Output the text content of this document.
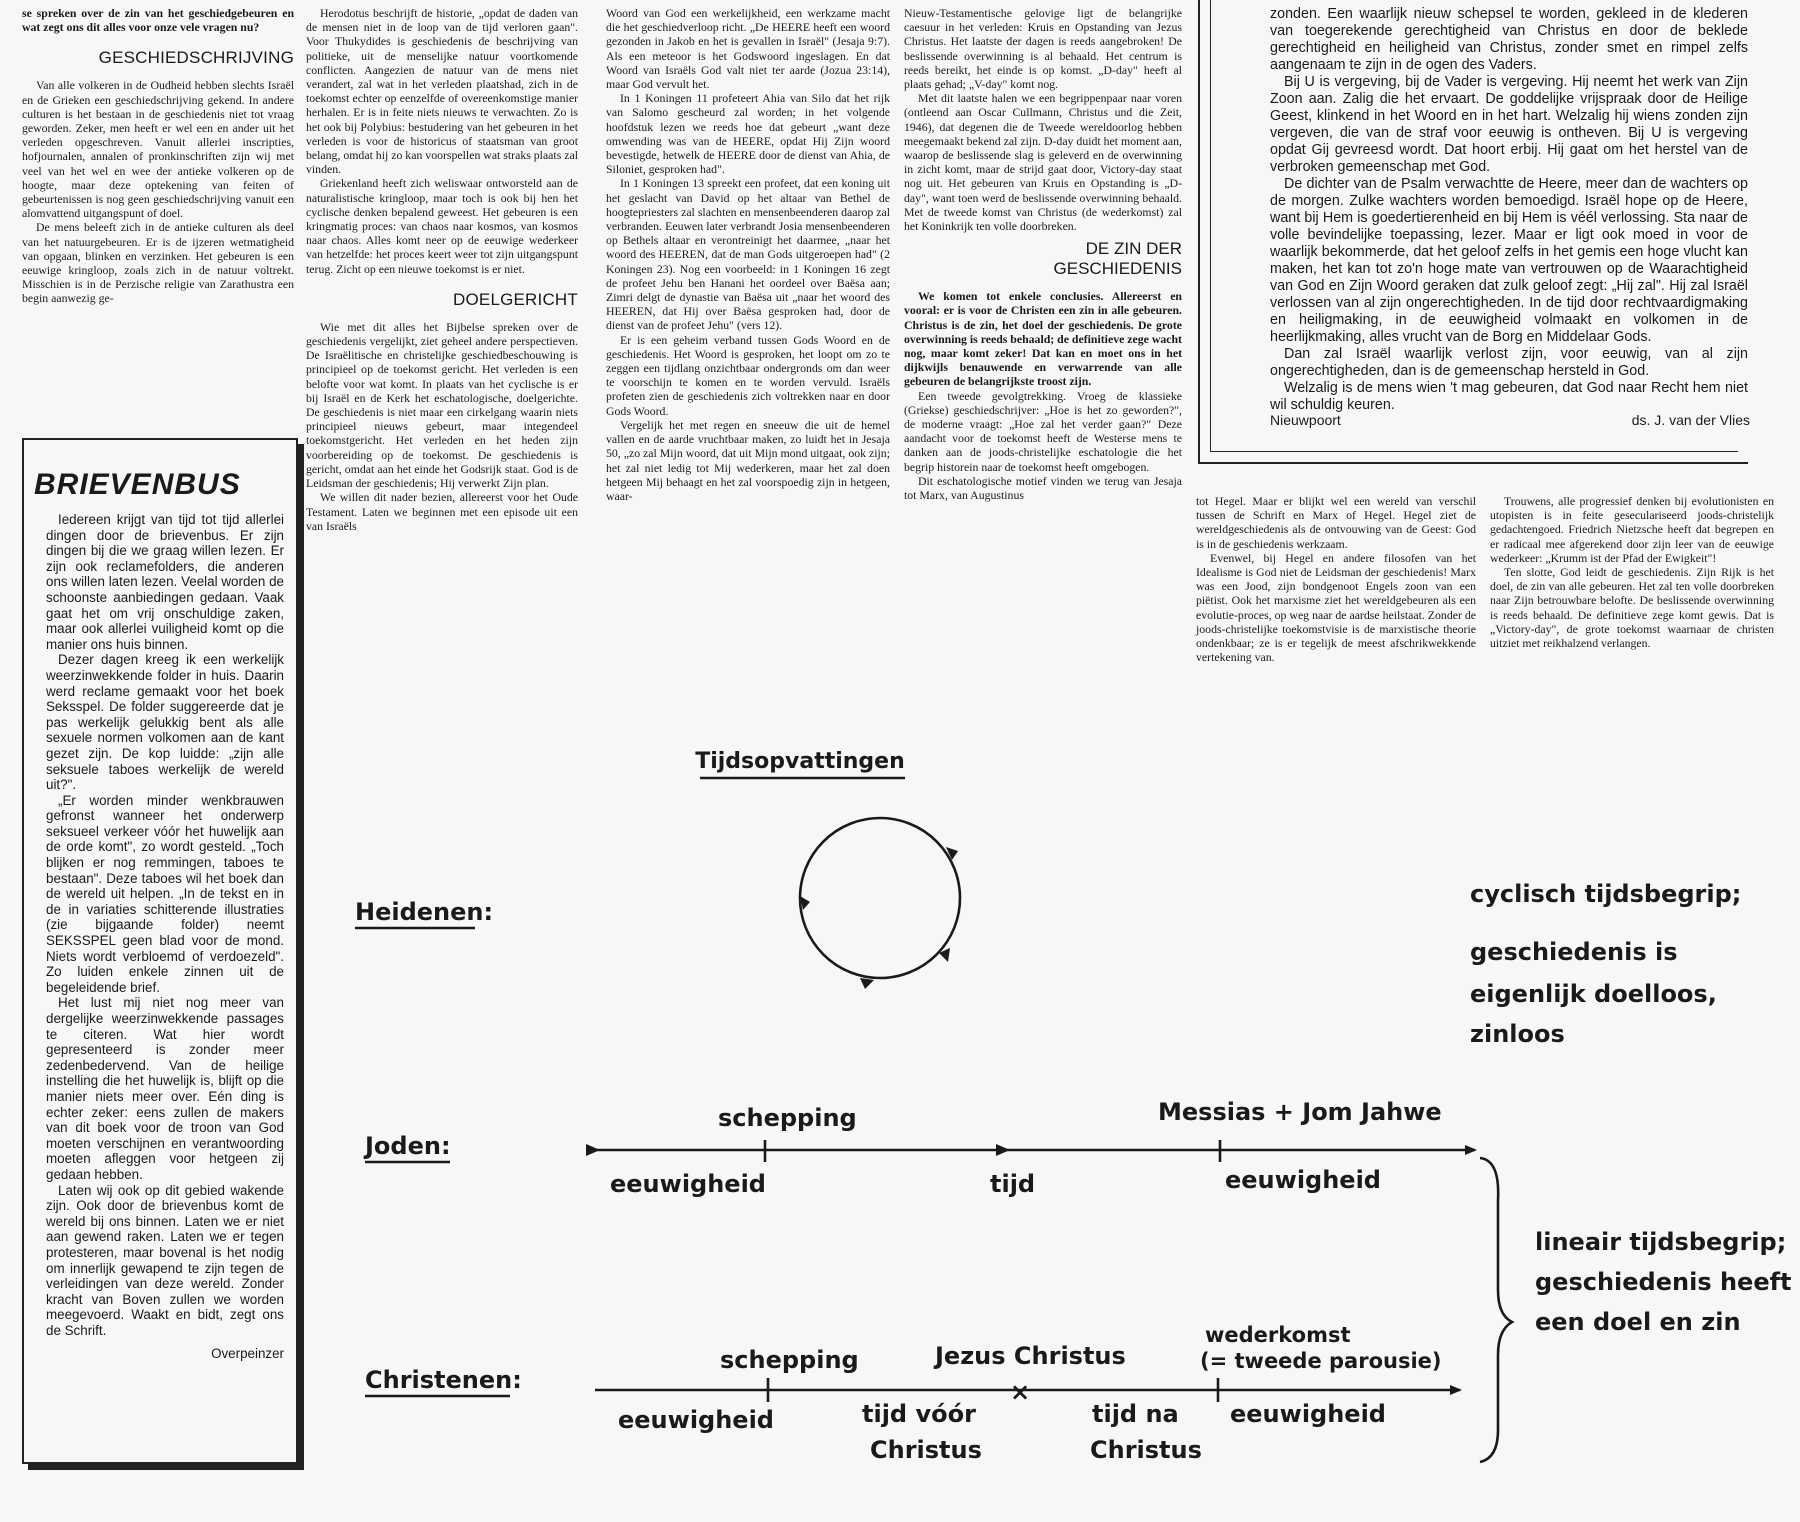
se spreken over de zin van het geschiedgebeuren en wat zegt ons dit alles voor onze vele vragen nu?

GESCHIEDSCHRIJVING

Van alle volkeren in de Oudheid hebben slechts Israël en de Grieken een geschiedschrijving gekend. In andere culturen is het bestaan in de geschiedenis niet tot vraag geworden. Zeker, men heeft er wel een en ander uit het verleden opgeschreven. Vanuit allerlei inscripties, hofjournalen, annalen of pronkinschriften zijn wij met veel van het wel en wee der antieke volkeren op de hoogte, maar deze optekening van feiten of gebeurtenissen is nog geen geschiedschrijving vanuit een alomvattend uitgangspunt of doel.

De mens beleeft zich in de antieke culturen als deel van het natuurgebeuren. Er is de ijzeren wetmatigheid van opgaan, blinken en verzinken. Het gebeuren is een eeuwige kringloop, zoals zich in de natuur voltrekt. Misschien is in de Perzische religie van Zarathustra een begin aanwezig ge-

Herodotus beschrijft de historie, „opdat de daden van de mensen niet in de loop van de tijd verloren gaan". Voor Thukydides is geschiedenis de beschrijving van politieke, uit de menselijke natuur voortkomende conflicten. Aangezien de natuur van de mens niet verandert, zal wat in het verleden plaatshad, zich in de toekomst echter op eenzelfde of overeenkomstige manier herhalen. Er is in feite niets nieuws te verwachten. Zo is het ook bij Polybius: bestudering van het gebeuren in het verleden is voor de historicus of staatsman van groot belang, omdat hij zo kan voorspellen wat straks plaats zal vinden.

Griekenland heeft zich weliswaar ontworsteld aan de naturalistische kringloop, maar toch is ook bij hen het cyclische denken bepalend geweest. Het gebeuren is een kringmatig proces: van chaos naar kosmos, van kosmos naar chaos. Alles komt neer op de eeuwige wederkeer van hetzelfde: het proces keert weer tot zijn uitgangspunt terug. Zicht op een nieuwe toekomst is er niet.

DOELGERICHT

Wie met dit alles het Bijbelse spreken over de geschiedenis vergelijkt, ziet geheel andere perspectieven. De Israëlitische en christelijke geschiedbeschouwing is principieel op de toekomst gericht. Het verleden is een belofte voor wat komt. In plaats van het cyclische is er bij Israël en de Kerk het eschatologische, doelgerichte. De geschiedenis is niet maar een cirkelgang waarin niets principieel nieuws gebeurt, maar integendeel toekomstgericht. Het verleden en het heden zijn voorbereiding op de toekomst. De geschiedenis is gericht, omdat aan het einde het Godsrijk staat. God is de Leidsman der geschiedenis; Hij verwerkt Zijn plan.

We willen dit nader bezien, allereerst voor het Oude Testament. Laten we beginnen met een episode uit een van Israëls

Woord van God een werkelijkheid, een werkzame macht die het geschiedverloop richt. „De HEERE heeft een woord gezonden in Jakob en het is gevallen in Israël" (Jesaja 9:7). Als een meteoor is het Godswoord ingeslagen. En dat Woord van Israëls God valt niet ter aarde (Jozua 23:14), maar God vervult het.

In 1 Koningen 11 profeteert Ahia van Silo dat het rijk van Salomo gescheurd zal worden; in het volgende hoofdstuk lezen we reeds hoe dat gebeurt „want deze omwending was van de HEERE, opdat Hij Zijn woord bevestigde, hetwelk de HEERE door de dienst van Ahia, de Siloniet, gesproken had".

In 1 Koningen 13 spreekt een profeet, dat een koning uit het geslacht van David op het altaar van Bethel de hoogtepriesters zal slachten en mensenbeenderen daarop zal verbranden. Eeuwen later verbrandt Josia mensenbeenderen op Bethels altaar en verontreinigt het daarmee, „naar het woord des HEEREN, dat de man Gods uitgeroepen had" (2 Koningen 23). Nog een voorbeeld: in 1 Koningen 16 zegt de profeet Jehu ben Hanani het oordeel over Baësa aan; Zimri delgt de dynastie van Baësa uit „naar het woord des HEEREN, dat Hij over Baësa gesproken had, door de dienst van de profeet Jehu" (vers 12).

Er is een geheim verband tussen Gods Woord en de geschiedenis. Het Woord is gesproken, het loopt om zo te zeggen een tijdlang onzichtbaar ondergronds om dan weer te voorschijn te komen en te worden vervuld. Israëls profeten zien de geschiedenis zich voltrekken naar en door Gods Woord.

Vergelijk het met regen en sneeuw die uit de hemel vallen en de aarde vruchtbaar maken, zo luidt het in Jesaja 50, „zo zal Mijn woord, dat uit Mijn mond uitgaat, ook zijn; het zal niet ledig tot Mij wederkeren, maar het zal doen hetgeen Mij behaagt en het zal voorspoedig zijn in hetgeen, waar-

Nieuw-Testamentische gelovige ligt de belangrijke caesuur in het verleden: Kruis en Opstanding van Jezus Christus. Het laatste der dagen is reeds aangebroken! De beslissende overwinning is al behaald. Het centrum is reeds bereikt, het einde is op komst. „D-day" heeft al plaats gehad; „V-day" komt nog.

Met dit laatste halen we een begrippenpaar naar voren (ontleend aan Oscar Cullmann, Christus und die Zeit, 1946), dat degenen die de Tweede wereldoorlog hebben meegemaakt bekend zal zijn. D-day duidt het moment aan, waarop de beslissende slag is geleverd en de overwinning in zicht komt, maar de strijd gaat door, Victory-day staat nog uit. Het gebeuren van Kruis en Opstanding is „D-day", want toen werd de beslissende overwinning behaald. Met de tweede komst van Christus (de wederkomst) zal het Koninkrijk ten volle doorbreken.

DE ZIN DER
GESCHIEDENIS

We komen tot enkele conclusies. Allereerst en vooral: er is voor de Christen een zin in alle gebeuren. Christus is de zin, het doel der geschiedenis. De grote overwinning is reeds behaald; de definitieve zege wacht nog, maar komt zeker! Dat kan en moet ons in het dijkwijls benauwende en verwarrende van alle gebeuren de belangrijkste troost zijn.

Een tweede gevolgtrekking. Vroeg de klassieke (Griekse) geschiedschrijver: „Hoe is het zo geworden?", de moderne vraagt: „Hoe zal het verder gaan?" Deze aandacht voor de toekomst heeft de Westerse mens te danken aan de joods-christelijke eschatologie die het begrip historein naar de toekomst heeft omgebogen.

Dit eschatologische motief vinden we terug van Jesaja tot Marx, van Augustinus	tot Hegel. Maar er blijkt wel een wereld van verschil tussen de Schrift en Marx of Hegel. Hegel ziet de wereldgeschiedenis als de ontvouwing van de Geest: God is in de geschiedenis werkzaam.

Evenwel, bij Hegel en andere filosofen van het Idealisme is God niet de Leidsman der geschiedenis! Marx was een Jood, zijn bondgenoot Engels zoon van een piëtist. Ook het marxisme ziet het wereldgebeuren als een evolutie-proces, op weg naar de aardse heilstaat. Zonder de joods-christelijke toekomstvisie is de marxistische theorie ondenkbaar; ze is er tegelijk de meest afschrikwekkende vertekening van.

Trouwens, alle progressief denken bij evolutionisten en utopisten is in feite geseculariseerd joods-christelijk gedachtengoed. Friedrich Nietzsche heeft dat begrepen en er radicaal mee afgerekend door zijn leer van de eeuwige wederkeer: „Krumm ist der Pfad der Ewigkeit"!

Ten slotte, God leidt de geschiedenis. Zijn Rijk is het doel, de zin van alle gebeuren. Het zal ten volle doorbreken naar Zijn betrouwbare belofte. De beslissende overwinning is reeds behaald. De definitieve zege komt gewis. Dat is „Victory-day", de grote toekomst waarnaar de christen uitziet met reikhalzend verlangen.

zonden. Een waarlijk nieuw schepsel te worden, gekleed in de klederen van toegerekende gerechtigheid van Christus en door de beklede gerechtigheid en heiligheid van Christus, zonder smet en rimpel zelfs aangenaam te zijn in de ogen des Vaders.

Bij U is vergeving, bij de Vader is vergeving. Hij neemt het werk van Zijn Zoon aan. Zalig die het ervaart. De goddelijke vrijspraak door de Heilige Geest, klinkend in het Woord en in het hart. Welzalig hij wiens zonden zijn vergeven, die van de straf voor eeuwig is ontheven. Bij U is vergeving opdat Gij gevreesd wordt. Dat hoort erbij. Hij gaat om het herstel van de verbroken gemeenschap met God.

De dichter van de Psalm verwachtte de Heere, meer dan de wachters op de morgen. Zulke wachters worden bemoedigd. Israël hope op de Heere, want bij Hem is goedertierenheid en bij Hem is véél verlossing. Sta naar de volle bevindelijke toepassing, lezer. Maar er ligt ook moed in voor de waarlijk bekommerde, dat het geloof zelfs in het gemis een hoge vlucht kan maken, het kan tot zo'n hoge mate van vertrouwen op de Waarachtigheid van God en Zijn Woord geraken dat zulk geloof zegt: „Hij zal". Hij zal Israël verlossen van al zijn ongerechtigheden. In de tijd door rechtvaardigmaking en heiligmaking, in de eeuwigheid volmaakt en volkomen in de heerlijkmaking, alles vrucht van de Borg en Middelaar Gods.

Dan zal Israël waarlijk verlost zijn, voor eeuwig, van al zijn ongerechtigheden, dan is de gemeenschap hersteld in God.

Welzalig is de mens wien 't mag gebeuren, dat God naar Recht hem niet wil schuldig keuren.

Nieuwpoort	ds. J. van der Vlies
BRIEVENBUS

Iedereen krijgt van tijd tot tijd allerlei dingen door de brievenbus. Er zijn dingen bij die we graag willen lezen. Er zijn ook reclamefolders, die anderen ons willen laten lezen. Veelal worden de schoonste aanbiedingen gedaan. Vaak gaat het om vrij onschuldige zaken, maar ook allerlei vuiligheid komt op die manier ons huis binnen.

Dezer dagen kreeg ik een werkelijk weerzinwekkende folder in huis. Daarin werd reclame gemaakt voor het boek Seksspel. De folder suggereerde dat je pas werkelijk gelukkig bent als alle sexuele normen volkomen aan de kant gezet zijn. De kop luidde: „zijn alle seksuele taboes werkelijk de wereld uit?".

„Er worden minder wenkbrauwen gefronst wanneer het onderwerp seksueel verkeer vóór het huwelijk aan de orde komt", zo wordt gesteld. „Toch blijken er nog remmingen, taboes te bestaan". Deze taboes wil het boek dan de wereld uit helpen. „In de tekst en in de in variaties schitterende illustraties (zie bijgaande folder) neemt SEKSSPEL geen blad voor de mond. Niets wordt verbloemd of verdoezeld". Zo luiden enkele zinnen uit de begeleidende brief.

Het lust mij niet nog meer van dergelijke weerzinwekkende passages te citeren. Wat hier wordt gepresenteerd is zonder meer zedenbedervend. Van de heilige instelling die het huwelijk is, blijft op die manier niets meer over. Eén ding is echter zeker: eens zullen de makers van dit boek voor de troon van God moeten verschijnen en verantwoording moeten afleggen voor hetgeen zij gedaan hebben.

Laten wij ook op dit gebied wakende zijn. Ook door de brievenbus komt de wereld bij ons binnen. Laten we er niet aan gewend raken. Laten we er tegen protesteren, maar bovenal is het nodig om innerlijk gewapend te zijn tegen de verleidingen van deze wereld. Zonder kracht van Boven zullen we worden meegevoerd. Waakt en bidt, zegt ons de Schrift.

Overpeinzer
Tijdsopvattingen
Heidenen:
cyclisch tijdsbegrip;
geschiedenis is
eigenlijk doelloos,
zinloos
Joden:
schepping	Messias + Jom Jahwe
eeuwigheid	tijd	eeuwigheid
lineair tijdsbegrip;
geschiedenis heeft
een doel en zin
Christenen:	×
schepping	Jezus Christus
wederkomst
(= tweede parousie)
eeuwigheid	tijd vóór
Christus
tijd na
Christus
eeuwigheid
